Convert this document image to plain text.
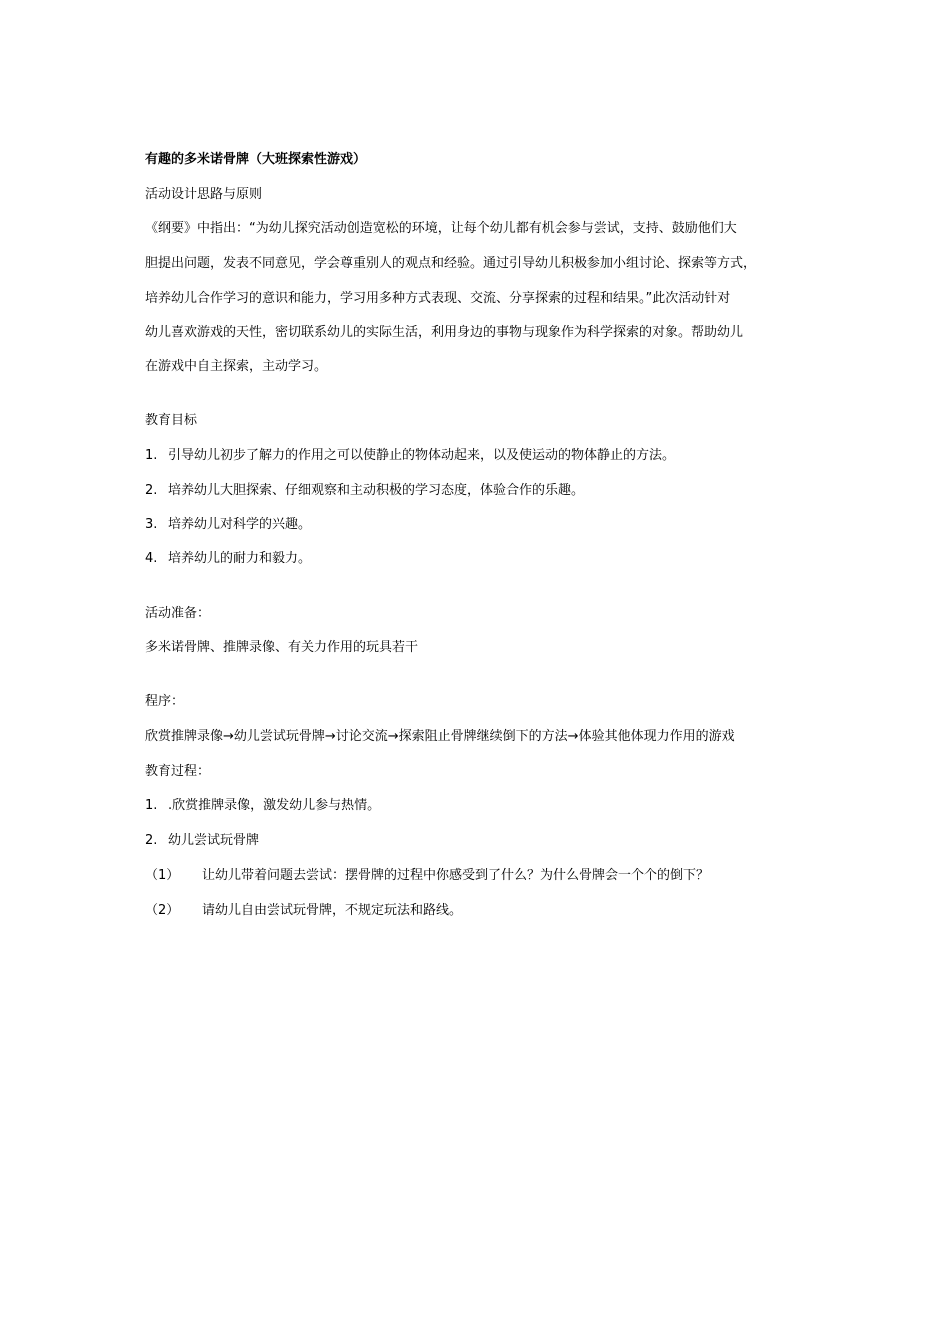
有趣的多米诺骨牌（大班探索性游戏）
活动设计思路与原则
《纲要》中指出：“为幼儿探究活动创造宽松的环境，让每个幼儿都有机会参与尝试，支持、鼓励他们大
胆提出问题，发表不同意见，学会尊重别人的观点和经验。通过引导幼儿积极参加小组讨论、探索等方式，
培养幼儿合作学习的意识和能力，学习用多种方式表现、交流、分享探索的过程和结果。”此次活动针对
幼儿喜欢游戏的天性，密切联系幼儿的实际生活，利用身边的事物与现象作为科学探索的对象。帮助幼儿
在游戏中自主探索，主动学习。
教育目标
1. 引导幼儿初步了解力的作用之可以使静止的物体动起来，以及使运动的物体静止的方法。
2. 培养幼儿大胆探索、仔细观察和主动积极的学习态度，体验合作的乐趣。
3. 培养幼儿对科学的兴趣。
4. 培养幼儿的耐力和毅力。
活动准备：
多米诺骨牌、推牌录像、有关力作用的玩具若干
程序：
欣赏推牌录像→幼儿尝试玩骨牌→讨论交流→探索阻止骨牌继续倒下的方法→体验其他体现力作用的游戏
教育过程：
1. .欣赏推牌录像，激发幼儿参与热情。
2. 幼儿尝试玩骨牌
（1） 让幼儿带着问题去尝试：摆骨牌的过程中你感受到了什么？为什么骨牌会一个个的倒下？
（2） 请幼儿自由尝试玩骨牌，不规定玩法和路线。
